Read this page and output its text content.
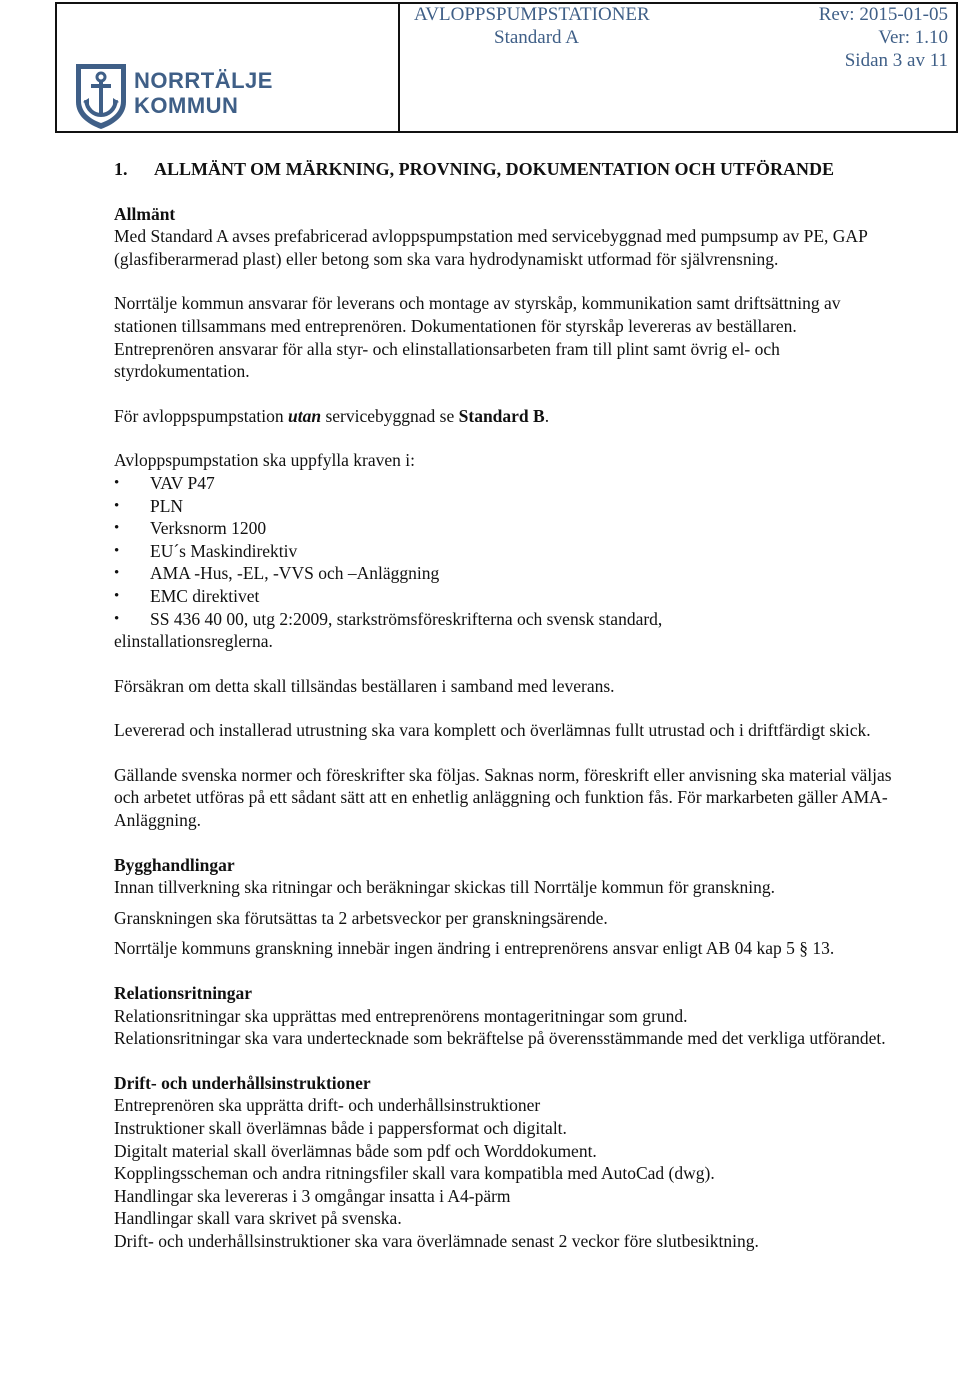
NORRTÄLJE
KOMMUN
AVLOPPSPUMPSTATIONER
Standard A
Rev: 2015-01-05
Ver: 1.10
Sidan 3 av 11
1.	ALLMÄNT OM MÄRKNING, PROVNING, DOKUMENTATION OCH UTFÖRANDE

Allmänt

Med Standard A avses prefabricerad avloppspumpstation med servicebyggnad med pumpsump av PE, GAP (glasfiberarmerad plast) eller betong som ska vara hydrodynamiskt utformad för självrensning.

Norrtälje kommun ansvarar för leverans och montage av styrskåp, kommunikation samt driftsättning av stationen tillsammans med entreprenören. Dokumentationen för styrskåp levereras av beställaren. Entreprenören ansvarar för alla styr- och elinstallationsarbeten fram till plint samt övrig el- och styrdokumentation.

För avloppspumpstation utan servicebyggnad se Standard B.

Avloppspumpstation ska uppfylla kraven i:

• VAV P47
• PLN
• Verksnorm 1200
• EU´s Maskindirektiv
• AMA -Hus, -EL, -VVS och –Anläggning
• EMC direktivet
• SS 436 40 00, utg 2:2009, starkströmsföreskrifterna och svensk standard,

elinstallationsreglerna.

Försäkran om detta skall tillsändas beställaren i samband med leverans.

Levererad och installerad utrustning ska vara komplett och överlämnas fullt utrustad och i driftfärdigt skick.

Gällande svenska normer och föreskrifter ska följas. Saknas norm, föreskrift eller anvisning ska material väljas och arbetet utföras på ett sådant sätt att en enhetlig anläggning och funktion fås. För markarbeten gäller AMA-Anläggning.

Bygghandlingar

Innan tillverkning ska ritningar och beräkningar skickas till Norrtälje kommun för granskning.

Granskningen ska förutsättas ta 2 arbetsveckor per granskningsärende.

Norrtälje kommuns granskning innebär ingen ändring i entreprenörens ansvar enligt AB 04 kap 5 § 13.

Relationsritningar

Relationsritningar ska upprättas med entreprenörens montageritningar som grund.

Relationsritningar ska vara undertecknade som bekräftelse på överensstämmande med det verkliga utförandet.

Drift- och underhållsinstruktioner

Entreprenören ska upprätta drift- och underhållsinstruktioner

Instruktioner skall överlämnas både i pappersformat och digitalt.

Digitalt material skall överlämnas både som pdf och Worddokument.

Kopplingsscheman och andra ritningsfiler skall vara kompatibla med AutoCad (dwg).

Handlingar ska levereras i 3 omgångar insatta i A4-pärm

Handlingar skall vara skrivet på svenska.

Drift- och underhållsinstruktioner ska vara överlämnade senast 2 veckor före slutbesiktning.
